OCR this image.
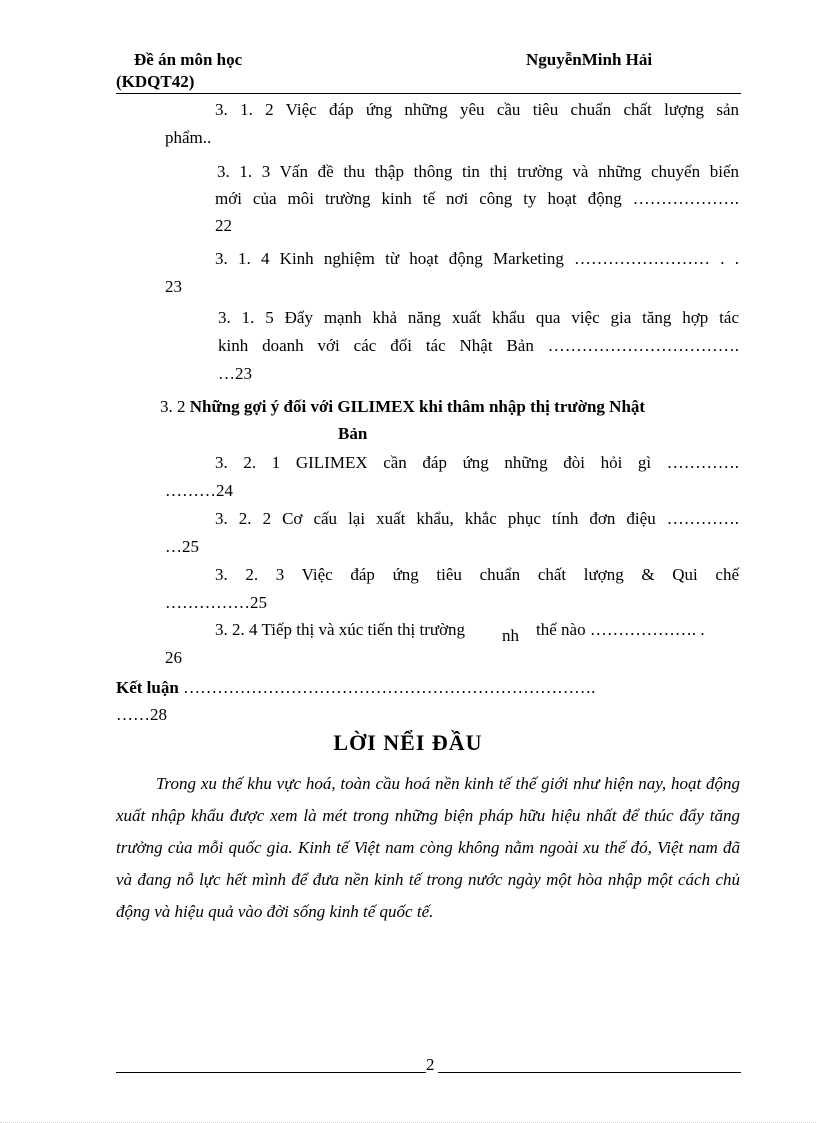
Đề án môn học
(KDQT42)
NguyễnMinh Hải
3. 1. 2 Việc đáp ứng những yêu cầu tiêu chuẩn chất lượng sản
phẩm..
3. 1. 3 Vấn đề thu thập thông tin thị trường và những chuyển biến
mới của môi trường kinh tế nơi công ty hoạt động ……………….
22
3. 1. 4 Kinh nghiệm từ hoạt động Marketing …………………… . .
23
3. 1. 5 Đẩy mạnh khả năng xuất khẩu qua việc gia tăng hợp tác
kinh doanh với các đối tác Nhật Bản …………………………….
…23
3. 2 Những gợi ý đối với GILIMEX khi thâm nhập thị trường Nhật
Bản
3. 2. 1 GILIMEX cần đáp ứng những đòi hỏi gì ………….
………24
3. 2. 2 Cơ cấu lại xuất khẩu, khắc phục tính đơn điệu ………….
…25
3. 2. 3 Việc đáp ứng tiêu chuẩn chất lượng & Qui chế
……………25
3. 2. 4 Tiếp thị và xúc tiến thị trường nh thế nào ………………. .
26
Kết luận ……………………………………………………………….
……28
LỜI NỂI ĐẦU
Trong xu thế khu vực hoá, toàn cầu hoá nền kinh tế thế giới như hiện nay, hoạt động xuất nhập khẩu được xem là mét trong những biện pháp hữu hiệu nhất để thúc đẩy tăng trưởng của mỗi quốc gia. Kinh tế Việt nam còng không nằm ngoài xu thế đó, Việt nam đã và đang nỗ lực hết mình để đưa nền kinh tế trong nước ngày một hòa nhập một cách chủ động và hiệu quả vào đời sống kinh tế quốc tế.
2
